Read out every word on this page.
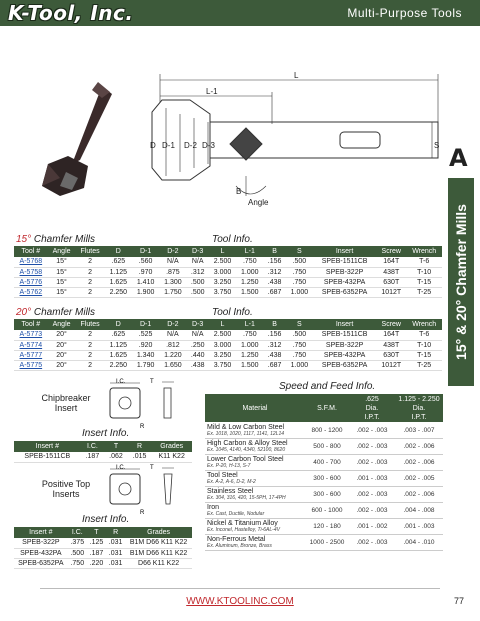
K-Tool, Inc.	Multi-Purpose Tools
A
15° & 20° Chamfer Mills
L
L-1
D D-1 D-2 D-3	S
B
Angle
15° Chamfer Mills	Tool Info.
Tool #	Angle	Flutes	D	D-1	D-2	D-3	L	L-1	B	S	Insert	Screw	Wrench
A-5768	15°	2	.625	.560	N/A	N/A	2.500	.750	.156	.500	SPEB-1511CB	164T	T-6
A-5758	15°	2	1.125	.970	.875	.312	3.000	1.000	.312	.750	SPEB-322P	438T	T-10
A-5776	15°	2	1.625	1.410	1.300	.500	3.250	1.250	.438	.750	SPEB-432PA	630T	T-15
A-5762	15°	2	2.250	1.900	1.750	.500	3.750	1.500	.687	1.000	SPEB-6352PA	1012T	T-25
20° Chamfer Mills	Tool Info.
Tool #	Angle	Flutes	D	D-1	D-2	D-3	L	L-1	B	S	Insert	Screw	Wrench
A-5773	20°	2	.625	.525	N/A	N/A	2.500	.750	.156	.500	SPEB-1511CB	164T	T-6
A-5774	20°	2	1.125	.920	.812	.250	3.000	1.000	.312	.750	SPEB-322P	438T	T-10
A-5777	20°	2	1.625	1.340	1.220	.440	3.250	1.250	.438	.750	SPEB-432PA	630T	T-15
A-5775	20°	2	2.250	1.790	1.650	.438	3.750	1.500	.687	1.000	SPEB-6352PA	1012T	T-25
Chipbreaker
Insert
I.C.	T
R
Insert Info.
Insert #	I.C.	T	R	Grades
SPEB-1511CB	.187	.062	.015	K11 K22
Positive Top
Inserts
I.C.	T
R
Insert Info.
Insert #	I.C.	T	R	Grades
SPEB-322P	.375	.125	.031	B1M D66 K11 K22
SPEB-432PA	.500	.187	.031	B1M D66 K11 K22
SPEB-6352PA	.750	.220	.031	D66 K11 K22
Speed and Feed Info.
Material	S.F.M.
.625
Dia.
I.P.T.
1.125 - 2.250
Dia.
I.P.T.
Mild & Low Carbon Steel
Ex. 1018, 1020, 1117, 1141, 12L14	800 - 1200	.002 - .003	.003 - .007

High Carbon & Alloy Steel
Ex. 1045, 4140, 4340, 52100, 8620	500 - 800	.002 - .003	.002 - .006

Lower Carbon Tool Steel
Ex. P-20, H-13, S-7	400 - 700	.002 - .003	.002 - .006

Tool Steel
Ex. A-2, A-6, D-2, M-2	300 - 600	.001 - .003	.002 - .005

Stainless Steel
Ex. 304, 316, 420, 15-5PH, 17-4PH	300 - 600	.002 - .003	.002 - .006

Iron
Ex. Cast, Ductile, Nodular	600 - 1000	.002 - .003	.004 - .008

Nickel & Titanium Alloy
Ex. Inconel, Hastelloy, Ti-6AL-4V	120 - 180	.001 - .002	.001 - .003

Non-Ferrous Metal
Ex. Aluminum, Bronze, Brass	1000 - 2500	.002 - .003	.004 - .010
WWW.KTOOLINC.COM	77
